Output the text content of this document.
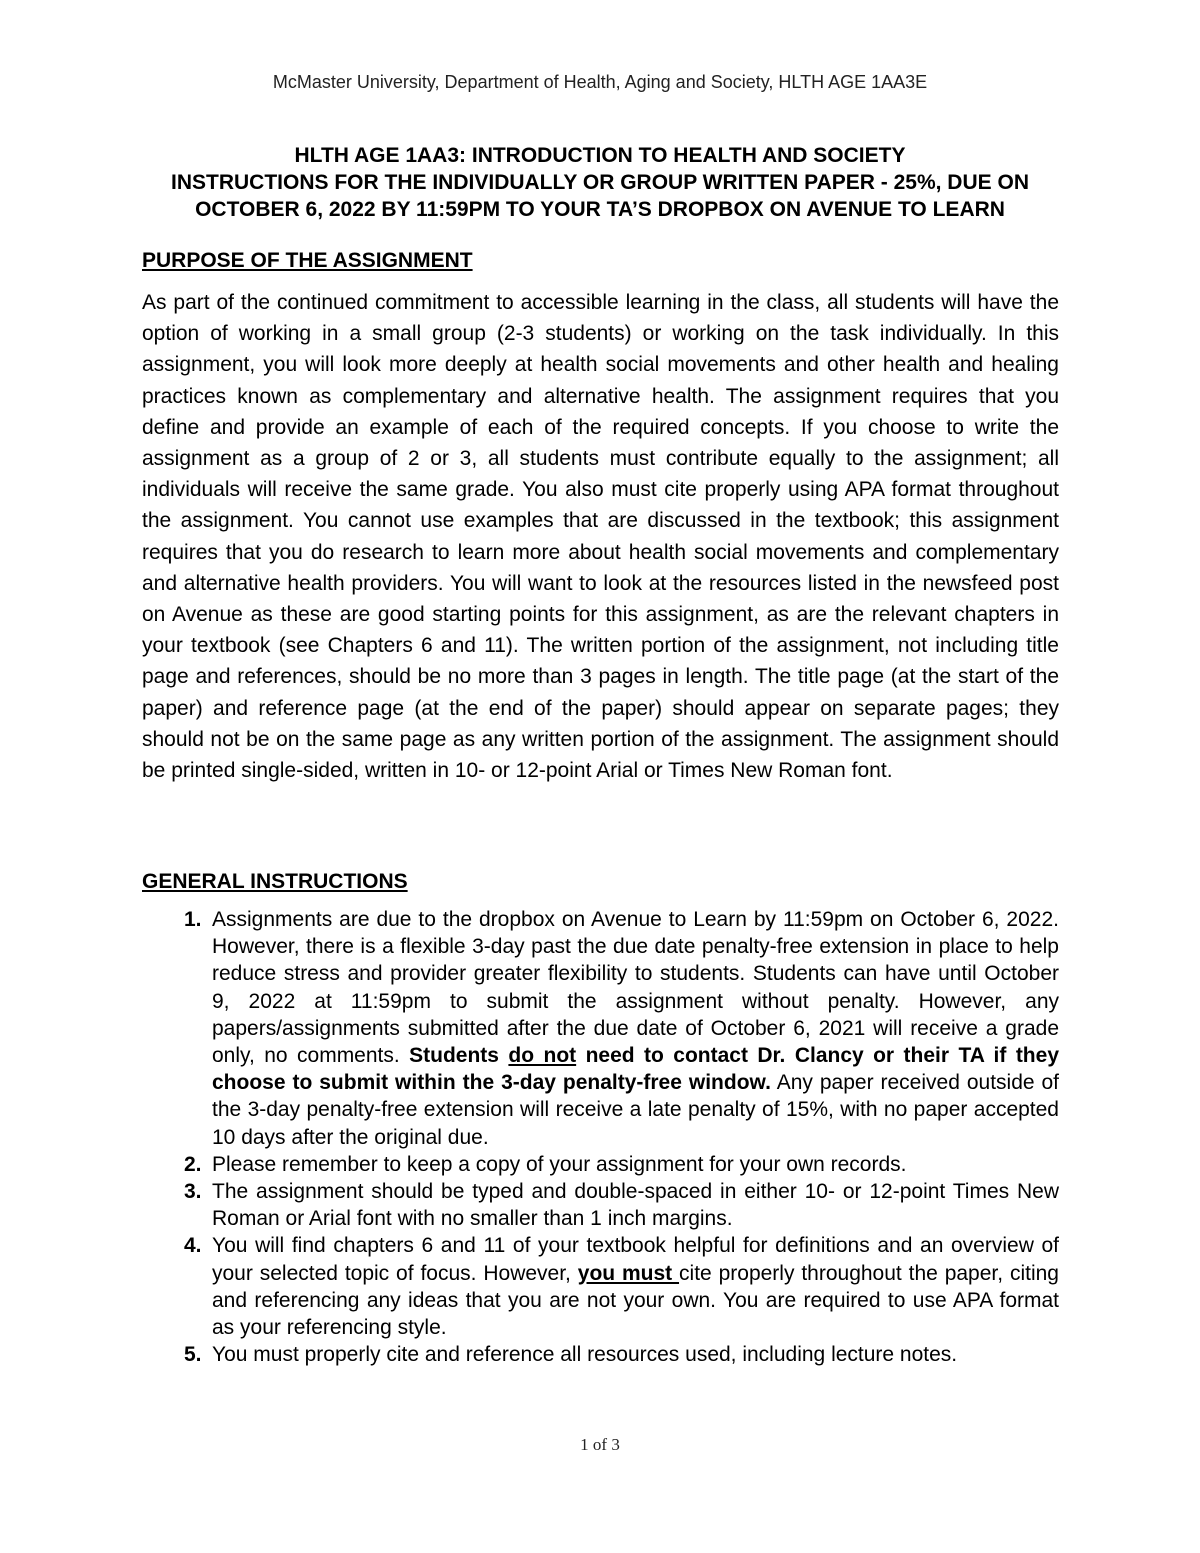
McMaster University, Department of Health, Aging and Society, HLTH AGE 1AA3E
HLTH AGE 1AA3: INTRODUCTION TO HEALTH AND SOCIETY
INSTRUCTIONS FOR THE INDIVIDUALLY OR GROUP WRITTEN PAPER - 25%, DUE ON
OCTOBER 6, 2022 BY 11:59PM TO YOUR TA’S DROPBOX ON AVENUE TO LEARN
PURPOSE OF THE ASSIGNMENT
As part of the continued commitment to accessible learning in the class, all students will have the option of working in a small group (2-3 students) or working on the task individually. In this assignment, you will look more deeply at health social movements and other health and healing practices known as complementary and alternative health. The assignment requires that you define and provide an example of each of the required concepts. If you choose to write the assignment as a group of 2 or 3, all students must contribute equally to the assignment; all individuals will receive the same grade. You also must cite properly using APA format throughout the assignment. You cannot use examples that are discussed in the textbook; this assignment requires that you do research to learn more about health social movements and complementary and alternative health providers. You will want to look at the resources listed in the newsfeed post on Avenue as these are good starting points for this assignment, as are the relevant chapters in your textbook (see Chapters 6 and 11). The written portion of the assignment, not including title page and references, should be no more than 3 pages in length. The title page (at the start of the paper) and reference page (at the end of the paper) should appear on separate pages; they should not be on the same page as any written portion of the assignment. The assignment should be printed single-sided, written in 10- or 12-point Arial or Times New Roman font.
GENERAL INSTRUCTIONS
1. Assignments are due to the dropbox on Avenue to Learn by 11:59pm on October 6, 2022. However, there is a flexible 3-day past the due date penalty-free extension in place to help reduce stress and provider greater flexibility to students. Students can have until October 9, 2022 at 11:59pm to submit the assignment without penalty. However, any papers/assignments submitted after the due date of October 6, 2021 will receive a grade only, no comments. Students do not need to contact Dr. Clancy or their TA if they choose to submit within the 3-day penalty-free window. Any paper received outside of the 3-day penalty-free extension will receive a late penalty of 15%, with no paper accepted 10 days after the original due.
2. Please remember to keep a copy of your assignment for your own records.
3. The assignment should be typed and double-spaced in either 10- or 12-point Times New Roman or Arial font with no smaller than 1 inch margins.
4. You will find chapters 6 and 11 of your textbook helpful for definitions and an overview of your selected topic of focus. However, you must cite properly throughout the paper, citing and referencing any ideas that you are not your own. You are required to use APA format as your referencing style.
5. You must properly cite and reference all resources used, including lecture notes.
1 of 3
